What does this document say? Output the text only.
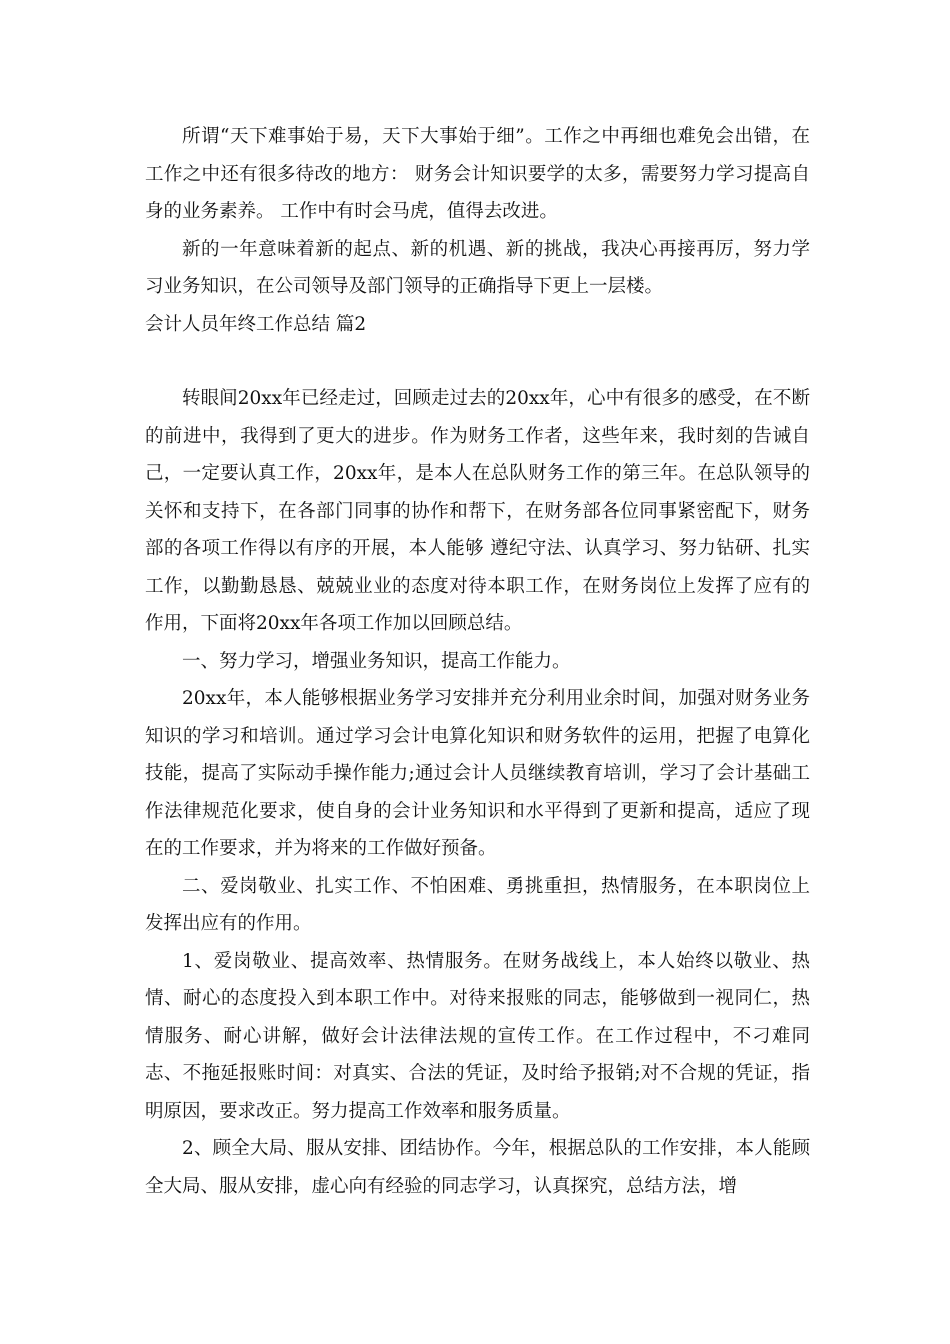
所谓“天下难事始于易，天下大事始于细”。工作之中再细也难免会出错，在工作之中还有很多待改的地方： 财务会计知识要学的太多，需要努力学习提高自身的业务素养。 工作中有时会马虎，值得去改进。

新的一年意味着新的起点、新的机遇、新的挑战，我决心再接再厉，努力学习业务知识，在公司领导及部门领导的正确指导下更上一层楼。

会计人员年终工作总结 篇2

转眼间20xx年已经走过，回顾走过去的20xx年，心中有很多的感受，在不断的前进中，我得到了更大的进步。作为财务工作者，这些年来，我时刻的告诫自己，一定要认真工作，20xx年，是本人在总队财务工作的第三年。在总队领导的关怀和支持下，在各部门同事的协作和帮下，在财务部各位同事紧密配下，财务部的各项工作得以有序的开展，本人能够 遵纪守法、认真学习、努力钻研、扎实工作，以勤勤恳恳、兢兢业业的态度对待本职工作，在财务岗位上发挥了应有的作用，下面将20xx年各项工作加以回顾总结。

一、努力学习，增强业务知识，提高工作能力。

20xx年，本人能够根据业务学习安排并充分利用业余时间，加强对财务业务知识的学习和培训。通过学习会计电算化知识和财务软件的运用，把握了电算化技能，提高了实际动手操作能力;通过会计人员继续教育培训，学习了会计基础工作法律规范化要求，使自身的会计业务知识和水平得到了更新和提高，适应了现在的工作要求，并为将来的工作做好预备。

二、爱岗敬业、扎实工作、不怕困难、勇挑重担，热情服务，在本职岗位上发挥出应有的作用。

1、爱岗敬业、提高效率、热情服务。在财务战线上，本人始终以敬业、热情、耐心的态度投入到本职工作中。对待来报账的同志，能够做到一视同仁，热情服务、耐心讲解，做好会计法律法规的宣传工作。在工作过程中，不刁难同志、不拖延报账时间：对真实、合法的凭证，及时给予报销;对不合规的凭证，指明原因，要求改正。努力提高工作效率和服务质量。

2、顾全大局、服从安排、团结协作。今年，根据总队的工作安排，本人能顾全大局、服从安排，虚心向有经验的同志学习，认真探究，总结方法，增
